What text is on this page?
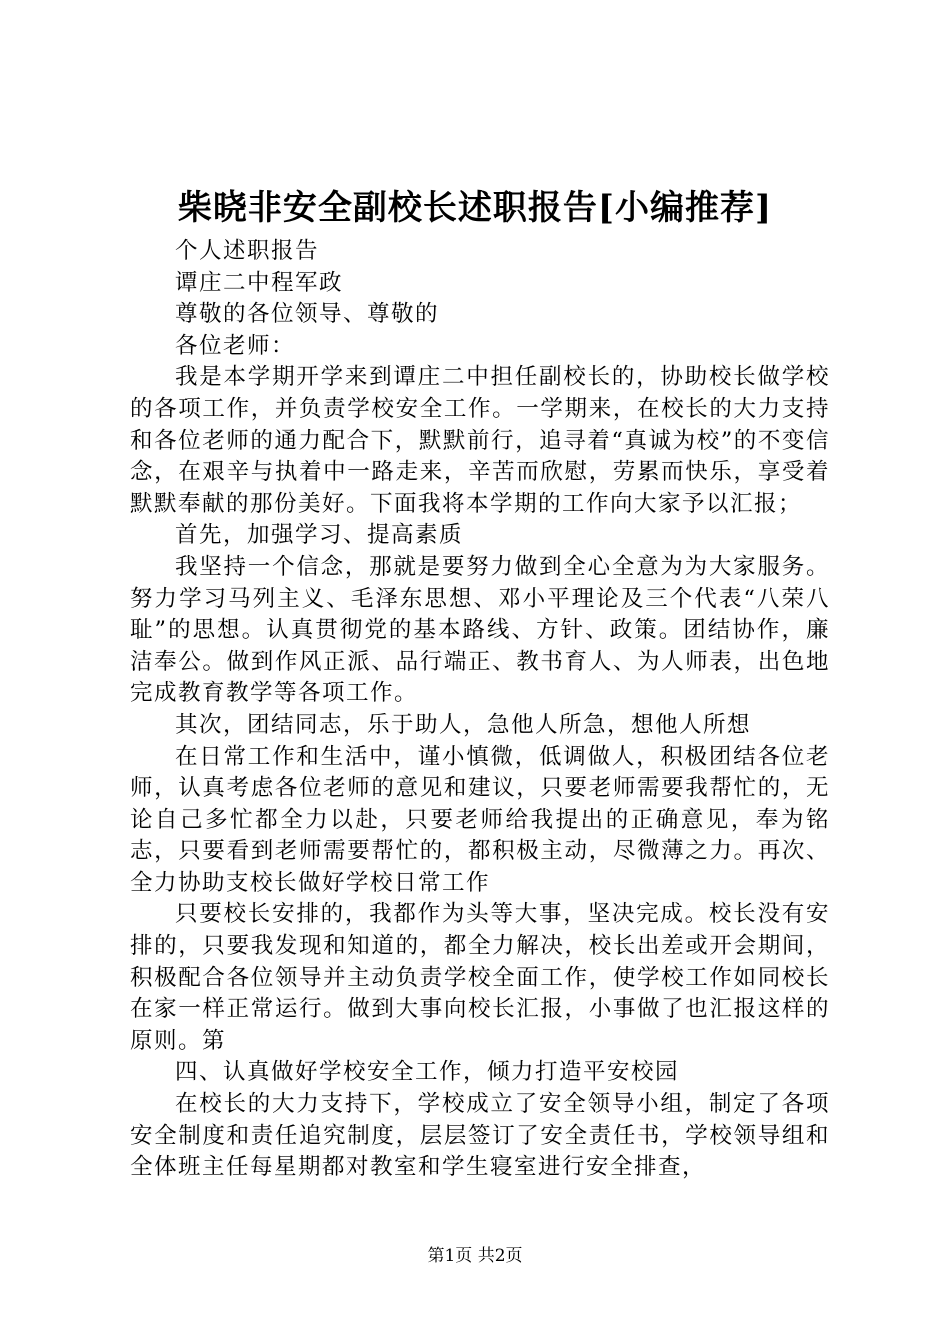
柴晓非安全副校长述职报告[小编推荐]

个人述职报告

谭庄二中程军政

尊敬的各位领导、尊敬的

各位老师：

我是本学期开学来到谭庄二中担任副校长的，协助校长做学校的各项工作，并负责学校安全工作。一学期来，在校长的大力支持和各位老师的通力配合下，默默前行，追寻着“真诚为校”的不变信念，在艰辛与执着中一路走来，辛苦而欣慰，劳累而快乐，享受着默默奉献的那份美好。下面我将本学期的工作向大家予以汇报；

首先，加强学习、提高素质

我坚持一个信念，那就是要努力做到全心全意为为大家服务。努力学习马列主义、毛泽东思想、邓小平理论及三个代表“八荣八耻”的思想。认真贯彻党的基本路线、方针、政策。团结协作，廉洁奉公。做到作风正派、品行端正、教书育人、为人师表，出色地完成教育教学等各项工作。

其次，团结同志，乐于助人，急他人所急，想他人所想

在日常工作和生活中，谨小慎微，低调做人，积极团结各位老师，认真考虑各位老师的意见和建议，只要老师需要我帮忙的，无论自己多忙都全力以赴，只要老师给我提出的正确意见，奉为铭志，只要看到老师需要帮忙的，都积极主动，尽微薄之力。再次、全力协助支校长做好学校日常工作

只要校长安排的，我都作为头等大事，坚决完成。校长没有安排的，只要我发现和知道的，都全力解决，校长出差或开会期间，积极配合各位领导并主动负责学校全面工作，使学校工作如同校长在家一样正常运行。做到大事向校长汇报，小事做了也汇报这样的原则。第

四、认真做好学校安全工作，倾力打造平安校园

在校长的大力支持下，学校成立了安全领导小组，制定了各项安全制度和责任追究制度，层层签订了安全责任书，学校领导组和全体班主任每星期都对教室和学生寝室进行安全排查，

第1页 共2页
